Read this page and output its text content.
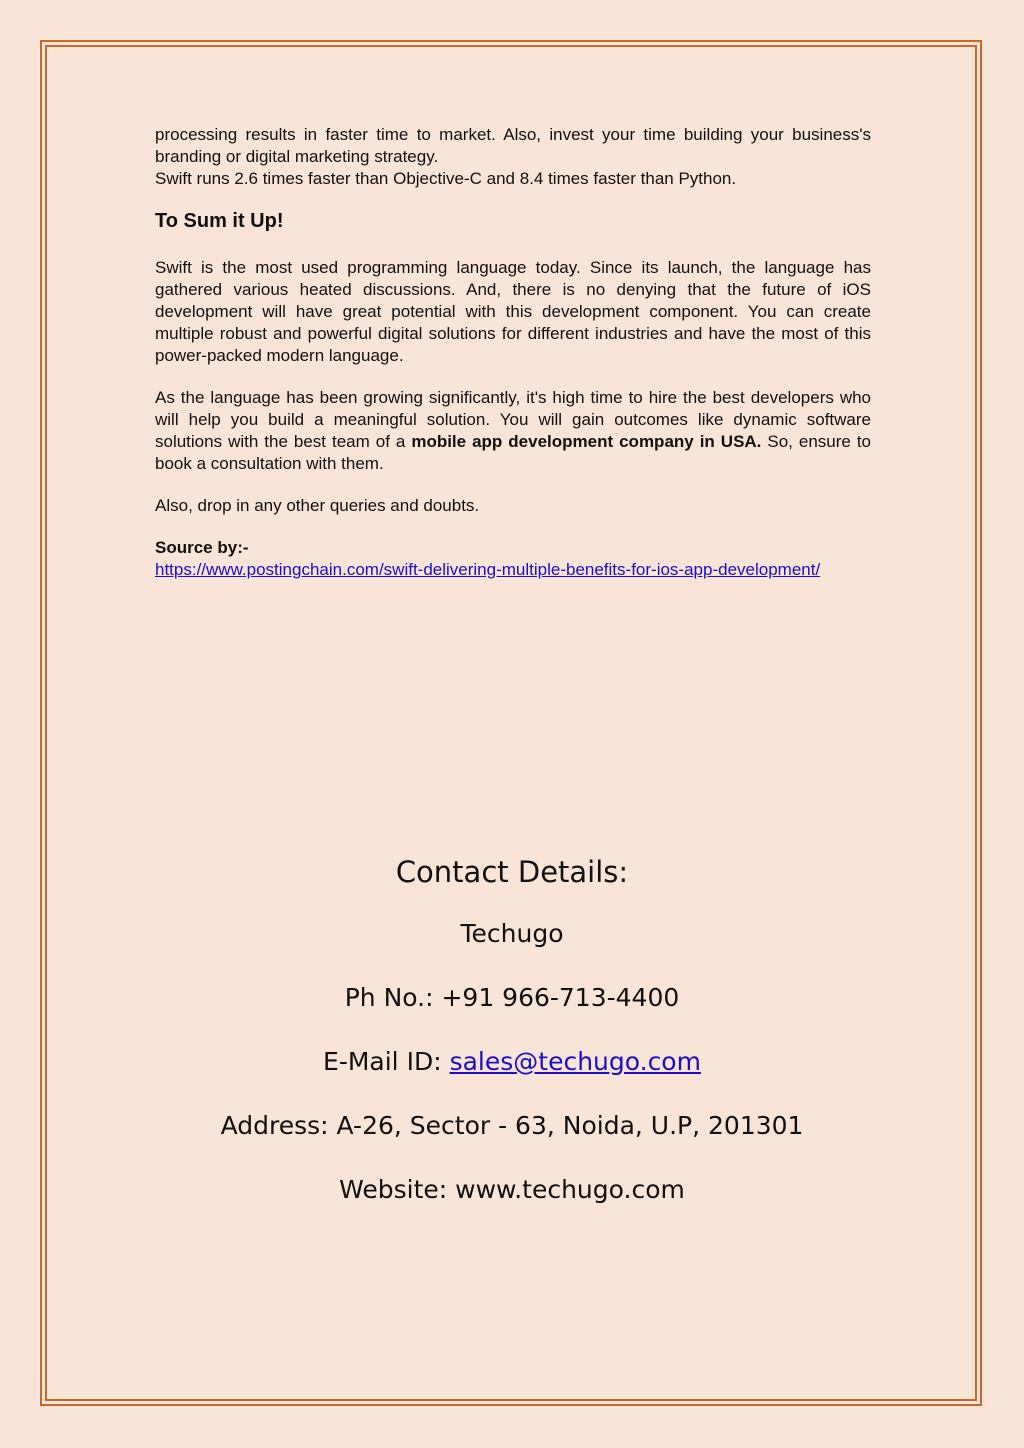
processing results in faster time to market. Also, invest your time building your business's branding or digital marketing strategy.
Swift runs 2.6 times faster than Objective-C and 8.4 times faster than Python.

To Sum it Up!

Swift is the most used programming language today. Since its launch, the language has gathered various heated discussions. And, there is no denying that the future of iOS development will have great potential with this development component. You can create multiple robust and powerful digital solutions for different industries and have the most of this power-packed modern language.

As the language has been growing significantly, it's high time to hire the best developers who will help you build a meaningful solution. You will gain outcomes like dynamic software solutions with the best team of a mobile app development company in USA. So, ensure to book a consultation with them.

Also, drop in any other queries and doubts.

Source by:-
https://www.postingchain.com/swift-delivering-multiple-benefits-for-ios-app-development/
Contact Details:
Techugo
Ph No.: +91 966-713-4400
E-Mail ID: sales@techugo.com
Address: A-26, Sector - 63, Noida, U.P, 201301
Website: www.techugo.com
